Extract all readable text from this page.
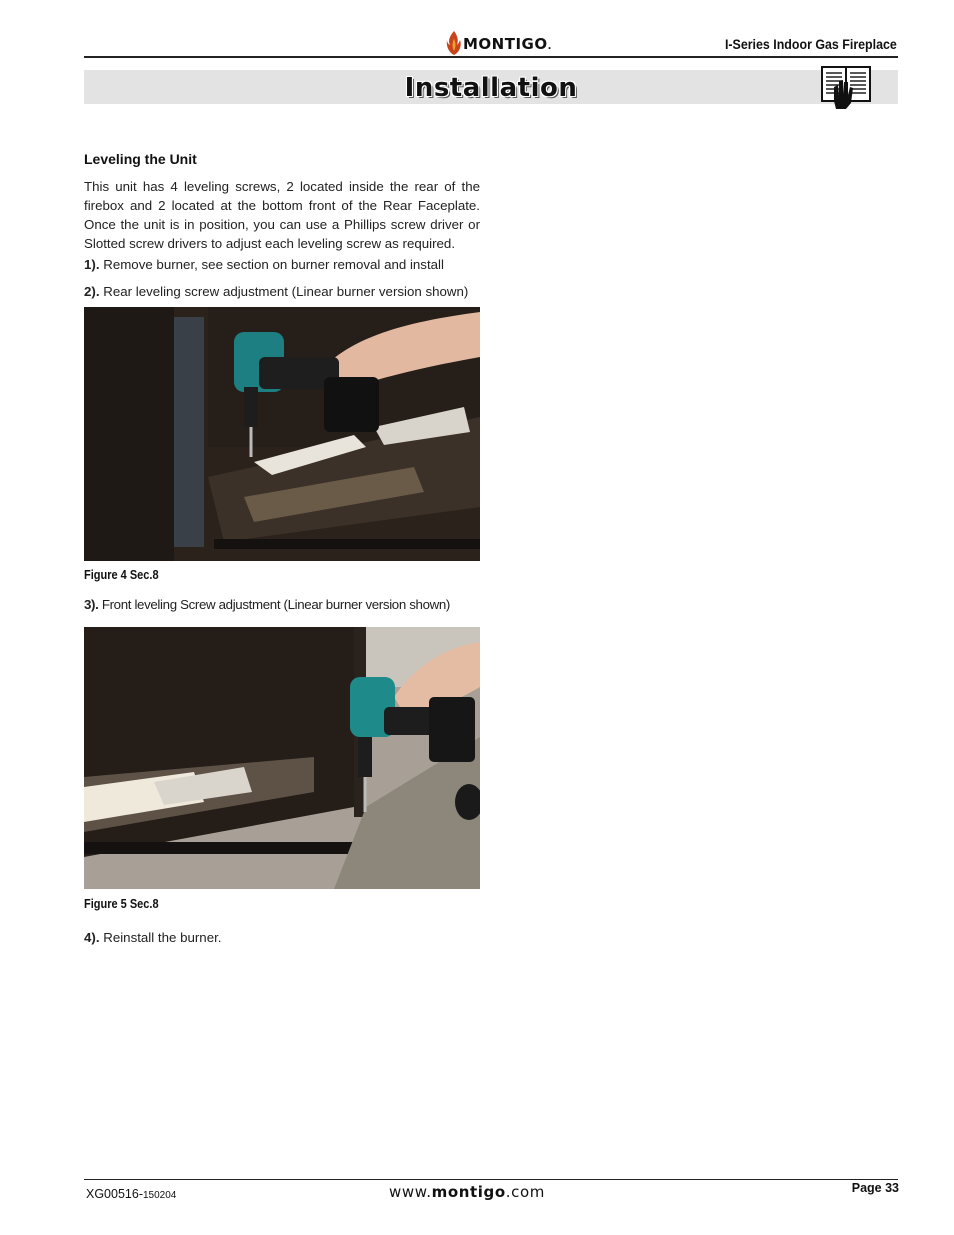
MONTIGO.	I-Series Indoor Gas Fireplace
Installation
Leveling the Unit
This unit has 4 leveling screws, 2 located inside the rear of the firebox and 2 located at the bottom front of the Rear Faceplate. Once the unit is in position, you can use a Phillips screw driver or Slotted screw drivers to adjust each leveling screw as required.
1). Remove burner, see section on burner removal and install
2). Rear leveling screw adjustment (Linear burner version shown)
Figure 4 Sec.8
3). Front leveling Screw adjustment (Linear burner version shown)
Figure 5 Sec.8
4). Reinstall the burner.
XG00516-150204	www.montigo.com	Page 33
